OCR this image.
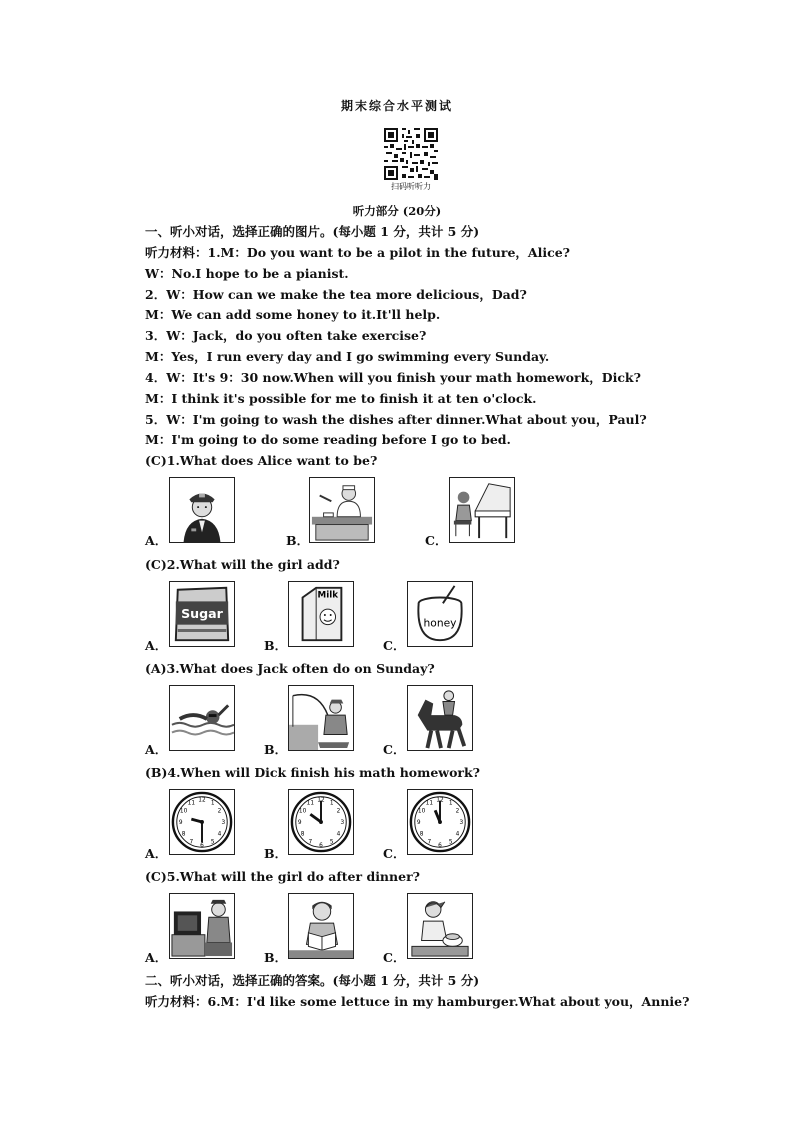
期末综合水平测试
扫码听听力
听力部分 (20分)
一、听小对话，选择正确的图片。(每小题 1 分，共计 5 分)
听力材料：1.M：Do you want to be a pilot in the future，Alice?
W：No.I hope to be a pianist.
2．W：How can we make the tea more delicious，Dad?
M：We can add some honey to it.It'll help.
3．W：Jack，do you often take exercise?
M：Yes，I run every day and I go swimming every Sunday.
4．W：It's 9：30 now.When will you finish your math homework，Dick?
M：I think it's possible for me to finish it at ten o'clock.
5．W：I'm going to wash the dishes after dinner.What about you，Paul?
M：I'm going to do some reading before I go to bed.
(C)1.What does Alice want to be?
A．	B．	C．
(C)2.What will the girl add?
A．
Sugar
B．
Milk
C．
honey
(A)3.What does Jack often do on Sunday?
A．	B．	C．
(B)4.When will Dick finish his math homework?
A．
12 1
2
3
4
5
6
7
8
9
10
11
B．
12 1
2
3
4
5
6
7
8
9
10
11
C．
12 1
2
3
4
5
6
7
8
9
10
11
(C)5.What will the girl do after dinner?
A．	B．	C．
二、听小对话，选择正确的答案。(每小题 1 分，共计 5 分)
听力材料：6.M：I'd like some lettuce in my hamburger.What about you，Annie?
